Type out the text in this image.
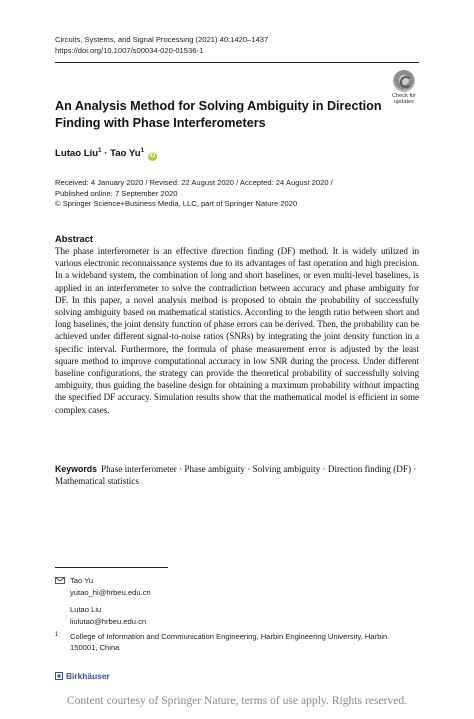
Circuits, Systems, and Signal Processing (2021) 40:1420–1437
https://doi.org/10.1007/s00034-020-01536-1
Check for
updates
An Analysis Method for Solving Ambiguity in Direction
Finding with Phase Interferometers
Lutao Liu$^1$ · Tao Yu$^1$ iD
Received: 4 January 2020 / Revised: 22 August 2020 / Accepted: 24 August 2020 /
Published online: 7 September 2020
© Springer Science+Business Media, LLC, part of Springer Nature 2020
Abstract
The phase interferometer is an effective direction finding (DF) method. It is widely utilized in various electronic reconnaissance systems due to its advantages of fast operation and high precision. In a wideband system, the combination of long and short baselines, or even multi-level baselines, is applied in an interferometer to solve the contradiction between accuracy and phase ambiguity for DF. In this paper, a novel analysis method is proposed to obtain the probability of successfully solving ambiguity based on mathematical statistics. According to the length ratio between short and long baselines, the joint density function of phase errors can be derived. Then, the probability can be achieved under different signal-to-noise ratios (SNRs) by integrating the joint density function in a specific interval. Furthermore, the formula of phase measurement error is adjusted by the least square method to improve computational accuracy in low SNR during the process. Under different baseline configurations, the strategy can provide the theoretical probability of successfully solving ambiguity, thus guiding the baseline design for obtaining a maximum probability without impacting the specified DF accuracy. Simulation results show that the mathematical model is efficient in some complex cases.
Keywords Phase interferometer · Phase ambiguity · Solving ambiguity · Direction finding (DF) · Mathematical statistics
Tao Yu
yutao_hi@hrbeu.edu.cn
Lutao Liu
liulutao@hrbeu.edu.cn
1 College of Information and Communication Engineering, Harbin Engineering University, Harbin
150001, China
Birkhäuser
Content courtesy of Springer Nature, terms of use apply. Rights reserved.
